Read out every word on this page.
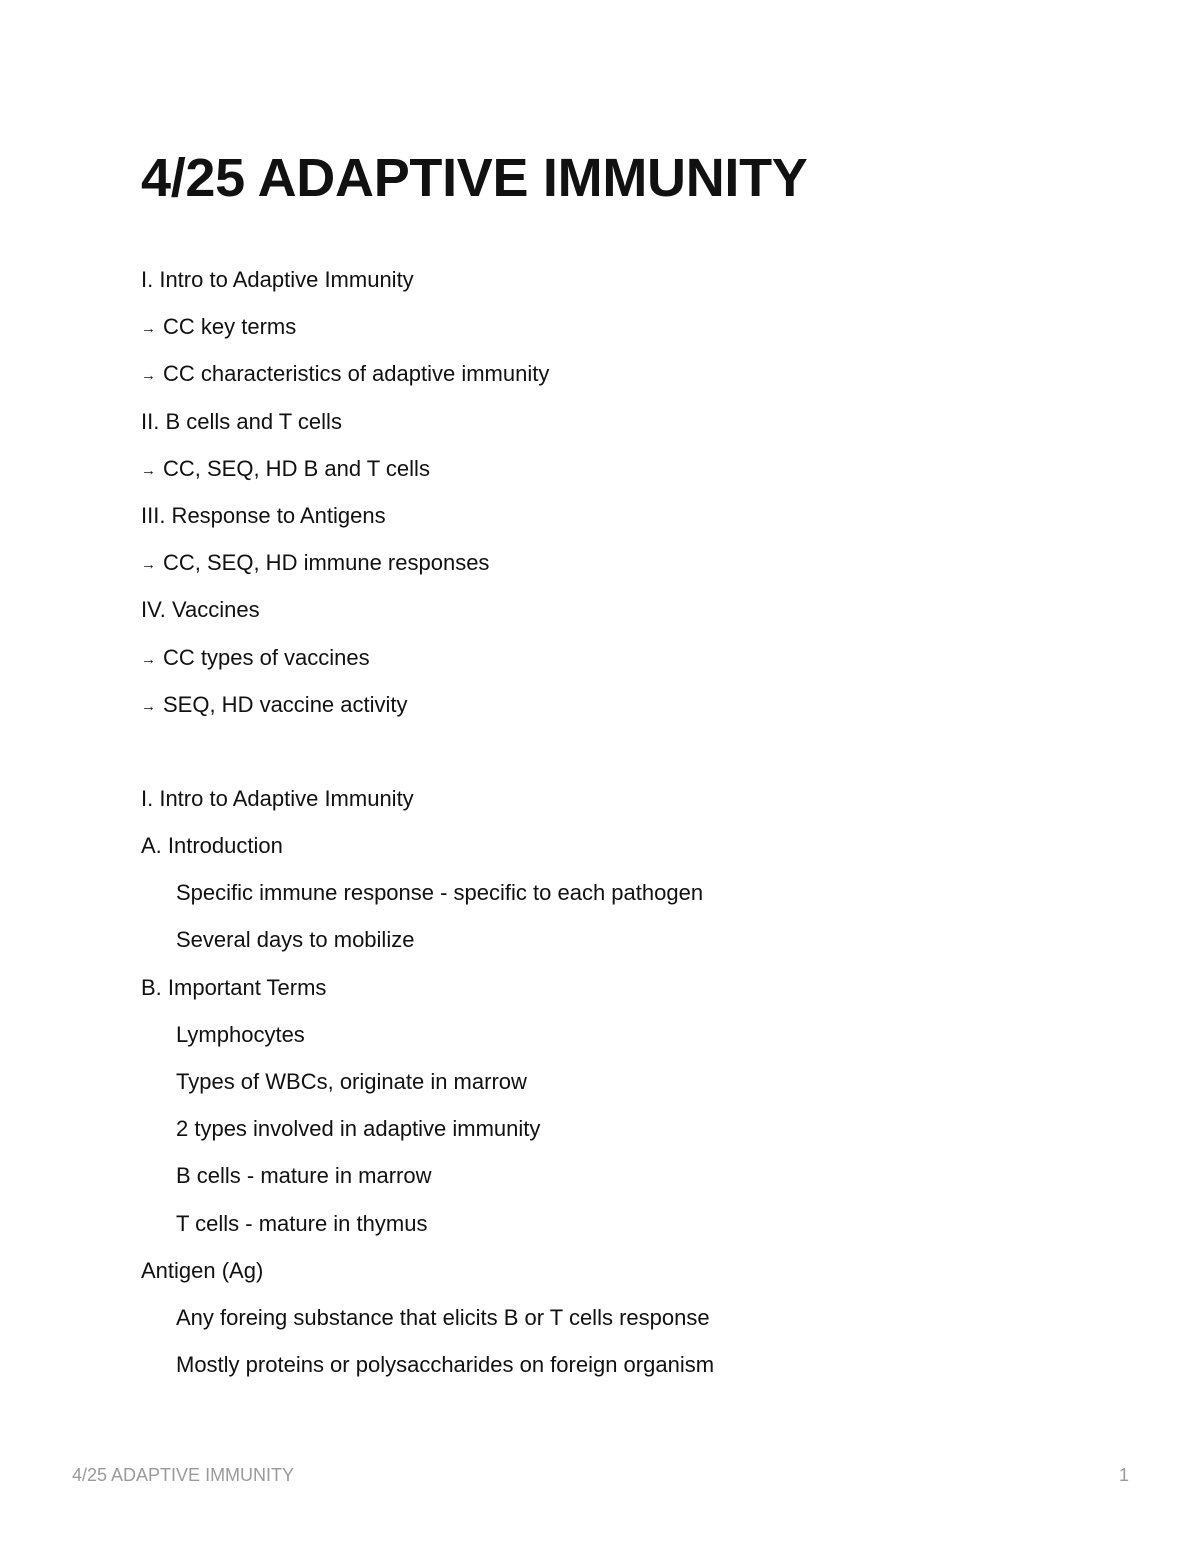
4/25 ADAPTIVE IMMUNITY
I. Intro to Adaptive Immunity
→ CC key terms
→ CC characteristics of adaptive immunity
II. B cells and T cells
→ CC, SEQ, HD B and T cells
III. Response to Antigens
→ CC, SEQ, HD immune responses
IV. Vaccines
→ CC types of vaccines
→ SEQ, HD vaccine activity
I. Intro to Adaptive Immunity
A. Introduction
Specific immune response - specific to each pathogen
Several days to mobilize
B. Important Terms
Lymphocytes
Types of WBCs, originate in marrow
2 types involved in adaptive immunity
B cells - mature in marrow
T cells - mature in thymus
Antigen (Ag)
Any foreing substance that elicits B or T cells response
Mostly proteins or polysaccharides on foreign organism
4/25 ADAPTIVE IMMUNITY	1
